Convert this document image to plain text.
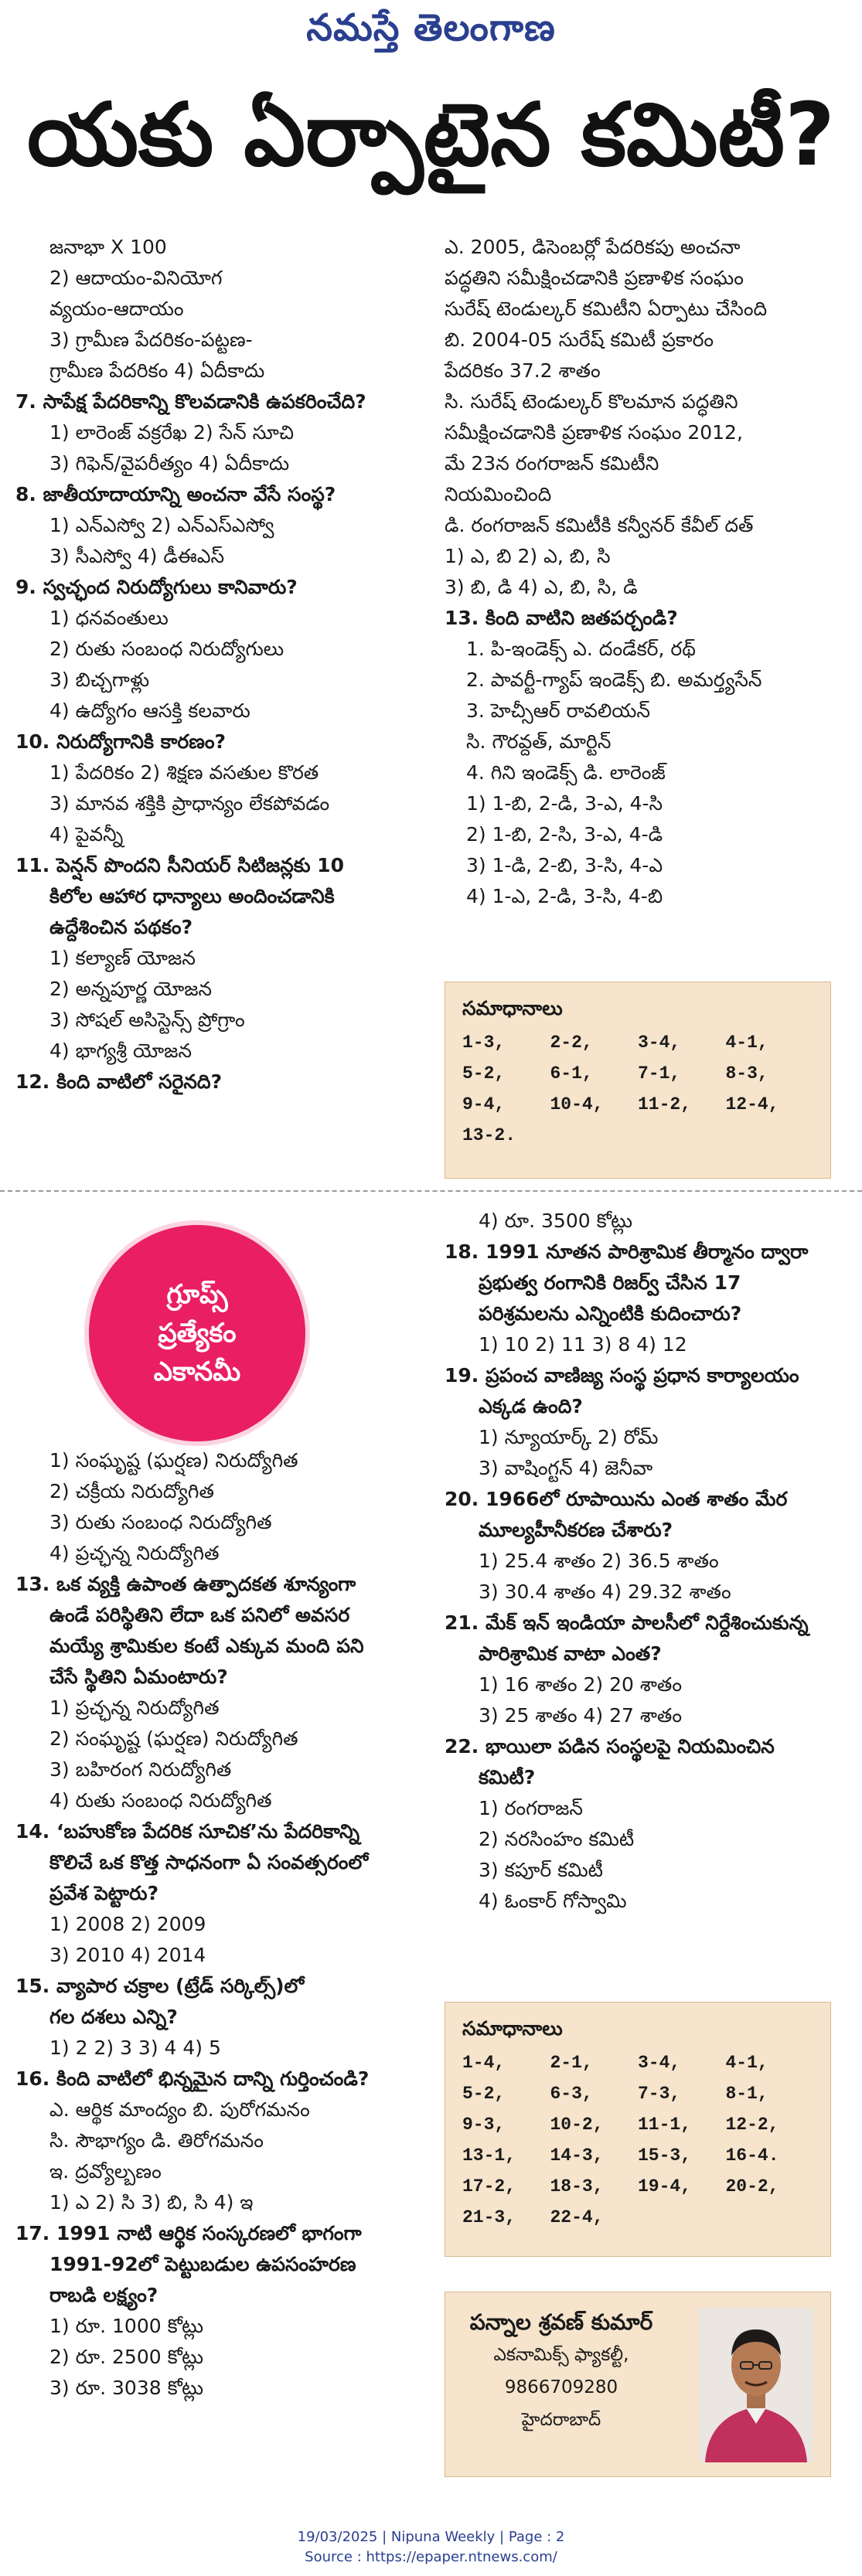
నమస్తే తెలంగాణ
యకు ఏర్పాటైన కమిటీ?
జనాభా X 100
2) ఆదాయం-వినియోగ
వ్యయం-ఆదాయం
3) గ్రామీణ పేదరికం-పట్టణ-
గ్రామీణ పేదరికం 4) ఏదీకాదు
7. సాపేక్ష పేదరికాన్ని కొలవడానికి ఉపకరించేది?
1) లారెంజ్ వక్రరేఖ 2) సేన్ సూచి
3) గిఫెన్/వైపరీత్యం 4) ఏదీకాదు
8. జాతీయాదాయాన్ని అంచనా వేసే సంస్థ?
1) ఎన్ఎస్వో 2) ఎన్ఎస్ఎస్వో
3) సీఎస్వో 4) డీఈఎస్
9. స్వచ్ఛంద నిరుద్యోగులు కానివారు?
1) ధనవంతులు
2) రుతు సంబంధ నిరుద్యోగులు
3) బిచ్చగాళ్లు
4) ఉద్యోగం ఆసక్తి కలవారు
10. నిరుద్యోగానికి కారణం?
1) పేదరికం 2) శిక్షణ వసతుల కొరత
3) మానవ శక్తికి ప్రాధాన్యం లేకపోవడం
4) పైవన్నీ
11. పెన్షన్ పొందని సీనియర్ సిటిజన్లకు 10
కిలోల ఆహార ధాన్యాలు అందించడానికి
ఉద్దేశించిన పథకం?
1) కల్యాణ్ యోజన
2) అన్నపూర్ణ యోజన
3) సోషల్ అసిస్టెన్స్ ప్రోగ్రాం
4) భాగ్యశ్రీ యోజన
12. కింది వాటిలో సరైనది?
ఎ. 2005, డిసెంబర్లో పేదరికపు అంచనా
పద్ధతిని సమీక్షించడానికి ప్రణాళిక సంఘం
సురేష్ టెండుల్కర్ కమిటీని ఏర్పాటు చేసింది
బి. 2004-05 సురేష్ కమిటీ ప్రకారం
పేదరికం 37.2 శాతం
సి. సురేష్ టెండుల్కర్ కొలమాన పద్ధతిని
సమీక్షించడానికి ప్రణాళిక సంఘం 2012,
మే 23న రంగరాజన్ కమిటీని
నియమించింది
డి. రంగరాజన్ కమిటీకి కన్వీనర్ కేవీల్ దత్
1) ఎ, బి 2) ఎ, బి, సి
3) బి, డి 4) ఎ, బి, సి, డి
13. కింది వాటిని జతపర్చండి?
1. పి-ఇండెక్స్ ఎ. దండేకర్, రథ్
2. పావర్టీ-గ్యాప్ ఇండెక్స్ బి. అమర్త్యసేన్
3. హెచ్సీఆర్ రావలియన్
సి. గౌరవ్దత్, మార్టిన్
4. గిని ఇండెక్స్ డి. లారెంజ్
1) 1-బి, 2-డి, 3-ఎ, 4-సి
2) 1-బి, 2-సి, 3-ఎ, 4-డి
3) 1-డి, 2-బి, 3-సి, 4-ఎ
4) 1-ఎ, 2-డి, 3-సి, 4-బి
సమాధానాలు
1-3,	2-2,	3-4,	4-1,
5-2,	6-1,	7-1,	8-3,
9-4,	10-4,	11-2,	12-4,
13-2.
గ్రూప్స్
ప్రత్యేకం
ఎకానమీ
1) సంఘృష్ట (ఘర్షణ) నిరుద్యోగిత
2) చక్రీయ నిరుద్యోగిత
3) రుతు సంబంధ నిరుద్యోగిత
4) ప్రచ్ఛన్న నిరుద్యోగిత
13. ఒక వ్యక్తి ఉపాంత ఉత్పాదకత శూన్యంగా
ఉండే పరిస్థితిని లేదా ఒక పనిలో అవసర
మయ్యే శ్రామికుల కంటే ఎక్కువ మంది పని
చేసే స్థితిని ఏమంటారు?
1) ప్రచ్ఛన్న నిరుద్యోగిత
2) సంఘృష్ట (ఘర్షణ) నిరుద్యోగిత
3) బహిరంగ నిరుద్యోగిత
4) రుతు సంబంధ నిరుద్యోగిత
14. ‘బహుకోణ పేదరిక సూచిక’ను పేదరికాన్ని
కొలిచే ఒక కొత్త సాధనంగా ఏ సంవత్సరంలో
ప్రవేశ పెట్టారు?
1) 2008 2) 2009
3) 2010 4) 2014
15. వ్యాపార చక్రాల (ట్రేడ్ సర్కిల్స్)లో
గల దశలు ఎన్ని?
1) 2 2) 3 3) 4 4) 5
16. కింది వాటిలో భిన్నమైన దాన్ని గుర్తించండి?
ఎ. ఆర్థిక మాంద్యం బి. పురోగమనం
సి. సౌభాగ్యం డి. తిరోగమనం
ఇ. ద్రవ్యోల్బణం
1) ఎ 2) సి 3) బి, సి 4) ఇ
17. 1991 నాటి ఆర్థిక సంస్కరణలో భాగంగా
1991-92లో పెట్టుబడుల ఉపసంహరణ
రాబడి లక్ష్యం?
1) రూ. 1000 కోట్లు
2) రూ. 2500 కోట్లు
3) రూ. 3038 కోట్లు
4) రూ. 3500 కోట్లు
18. 1991 నూతన పారిశ్రామిక తీర్మానం ద్వారా
ప్రభుత్వ రంగానికి రిజర్వ్ చేసిన 17
పరిశ్రమలను ఎన్నింటికి కుదించారు?
1) 10 2) 11 3) 8 4) 12
19. ప్రపంచ వాణిజ్య సంస్థ ప్రధాన కార్యాలయం
ఎక్కడ ఉంది?
1) న్యూయార్క్ 2) రోమ్
3) వాషింగ్టన్ 4) జెనీవా
20. 1966లో రూపాయిను ఎంత శాతం మేర
మూల్యహీనీకరణ చేశారు?
1) 25.4 శాతం 2) 36.5 శాతం
3) 30.4 శాతం 4) 29.32 శాతం
21. మేక్ ఇన్ ఇండియా పాలసీలో నిర్దేశించుకున్న
పారిశ్రామిక వాటా ఎంత?
1) 16 శాతం 2) 20 శాతం
3) 25 శాతం 4) 27 శాతం
22. భాయిలా పడిన సంస్థలపై నియమించిన
కమిటీ?
1) రంగరాజన్
2) నరసింహం కమిటీ
3) కపూర్ కమిటీ
4) ఓంకార్ గోస్వామి
సమాధానాలు
1-4,	2-1,	3-4,	4-1,
5-2,	6-3,	7-3,	8-1,
9-3,	10-2,	11-1,	12-2,
13-1,	14-3,	15-3,	16-4.
17-2,	18-3,	19-4,	20-2,
21-3,	22-4,
పన్నాల శ్రవణ్ కుమార్
ఎకనామిక్స్ ఫ్యాకల్టీ,
9866709280
హైదరాబాద్
19/03/2025 | Nipuna Weekly | Page : 2
Source : https://epaper.ntnews.com/
